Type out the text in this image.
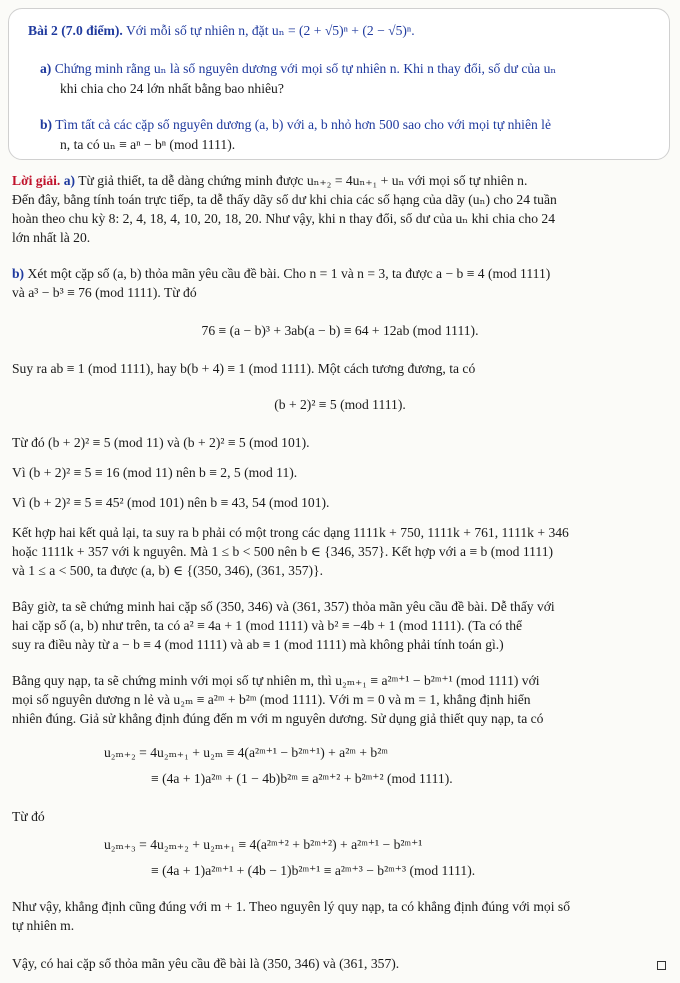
Bài 2 (7.0 điểm). Với mỗi số tự nhiên n, đặt uₙ = (2 + √5)ⁿ + (2 − √5)ⁿ.
a) Chứng minh rằng uₙ là số nguyên dương với mọi số tự nhiên n. Khi n thay đổi, số dư của uₙ
khi chia cho 24 lớn nhất bằng bao nhiêu?
b) Tìm tất cả các cặp số nguyên dương (a, b) với a, b nhỏ hơn 500 sao cho với mọi tự nhiên lẻ
n, ta có uₙ ≡ aⁿ − bⁿ (mod 1111).
Lời giải. a) Từ giả thiết, ta dễ dàng chứng minh được uₙ₊₂ = 4uₙ₊₁ + uₙ với mọi số tự nhiên n.
Đến đây, bằng tính toán trực tiếp, ta dễ thấy dãy số dư khi chia các số hạng của dãy (uₙ) cho 24 tuần
hoàn theo chu kỳ 8: 2, 4, 18, 4, 10, 20, 18, 20. Như vậy, khi n thay đổi, số dư của uₙ khi chia cho 24
lớn nhất là 20.
b) Xét một cặp số (a, b) thỏa mãn yêu cầu đề bài. Cho n = 1 và n = 3, ta được a − b ≡ 4 (mod 1111)
và a³ − b³ ≡ 76 (mod 1111). Từ đó
76 ≡ (a − b)³ + 3ab(a − b) ≡ 64 + 12ab (mod 1111).
Suy ra ab ≡ 1 (mod 1111), hay b(b + 4) ≡ 1 (mod 1111). Một cách tương đương, ta có
(b + 2)² ≡ 5 (mod 1111).
Từ đó (b + 2)² ≡ 5 (mod 11) và (b + 2)² ≡ 5 (mod 101).
Vì (b + 2)² ≡ 5 ≡ 16 (mod 11) nên b ≡ 2, 5 (mod 11).
Vì (b + 2)² ≡ 5 ≡ 45² (mod 101) nên b ≡ 43, 54 (mod 101).
Kết hợp hai kết quả lại, ta suy ra b phải có một trong các dạng 1111k + 750, 1111k + 761, 1111k + 346
hoặc 1111k + 357 với k nguyên. Mà 1 ≤ b < 500 nên b ∈ {346, 357}. Kết hợp với a ≡ b (mod 1111)
và 1 ≤ a < 500, ta được (a, b) ∈ {(350, 346), (361, 357)}.
Bây giờ, ta sẽ chứng minh hai cặp số (350, 346) và (361, 357) thỏa mãn yêu cầu đề bài. Dễ thấy với
hai cặp số (a, b) như trên, ta có a² ≡ 4a + 1 (mod 1111) và b² ≡ −4b + 1 (mod 1111). (Ta có thể
suy ra điều này từ a − b ≡ 4 (mod 1111) và ab ≡ 1 (mod 1111) mà không phải tính toán gì.)
Bằng quy nạp, ta sẽ chứng minh với mọi số tự nhiên m, thì u₂ₘ₊₁ ≡ a²ᵐ⁺¹ − b²ᵐ⁺¹ (mod 1111) với
mọi số nguyên dương n lẻ và u₂ₘ ≡ a²ᵐ + b²ᵐ (mod 1111). Với m = 0 và m = 1, khẳng định hiển
nhiên đúng. Giả sử khẳng định đúng đến m với m nguyên dương. Sử dụng giả thiết quy nạp, ta có
u₂ₘ₊₂ = 4u₂ₘ₊₁ + u₂ₘ ≡ 4(a²ᵐ⁺¹ − b²ᵐ⁺¹) + a²ᵐ + b²ᵐ
≡ (4a + 1)a²ᵐ + (1 − 4b)b²ᵐ ≡ a²ᵐ⁺² + b²ᵐ⁺² (mod 1111).
Từ đó
u₂ₘ₊₃ = 4u₂ₘ₊₂ + u₂ₘ₊₁ ≡ 4(a²ᵐ⁺² + b²ᵐ⁺²) + a²ᵐ⁺¹ − b²ᵐ⁺¹
≡ (4a + 1)a²ᵐ⁺¹ + (4b − 1)b²ᵐ⁺¹ ≡ a²ᵐ⁺³ − b²ᵐ⁺³ (mod 1111).
Như vậy, khẳng định cũng đúng với m + 1. Theo nguyên lý quy nạp, ta có khẳng định đúng với mọi số
tự nhiên m.
Vậy, có hai cặp số thỏa mãn yêu cầu đề bài là (350, 346) và (361, 357).
